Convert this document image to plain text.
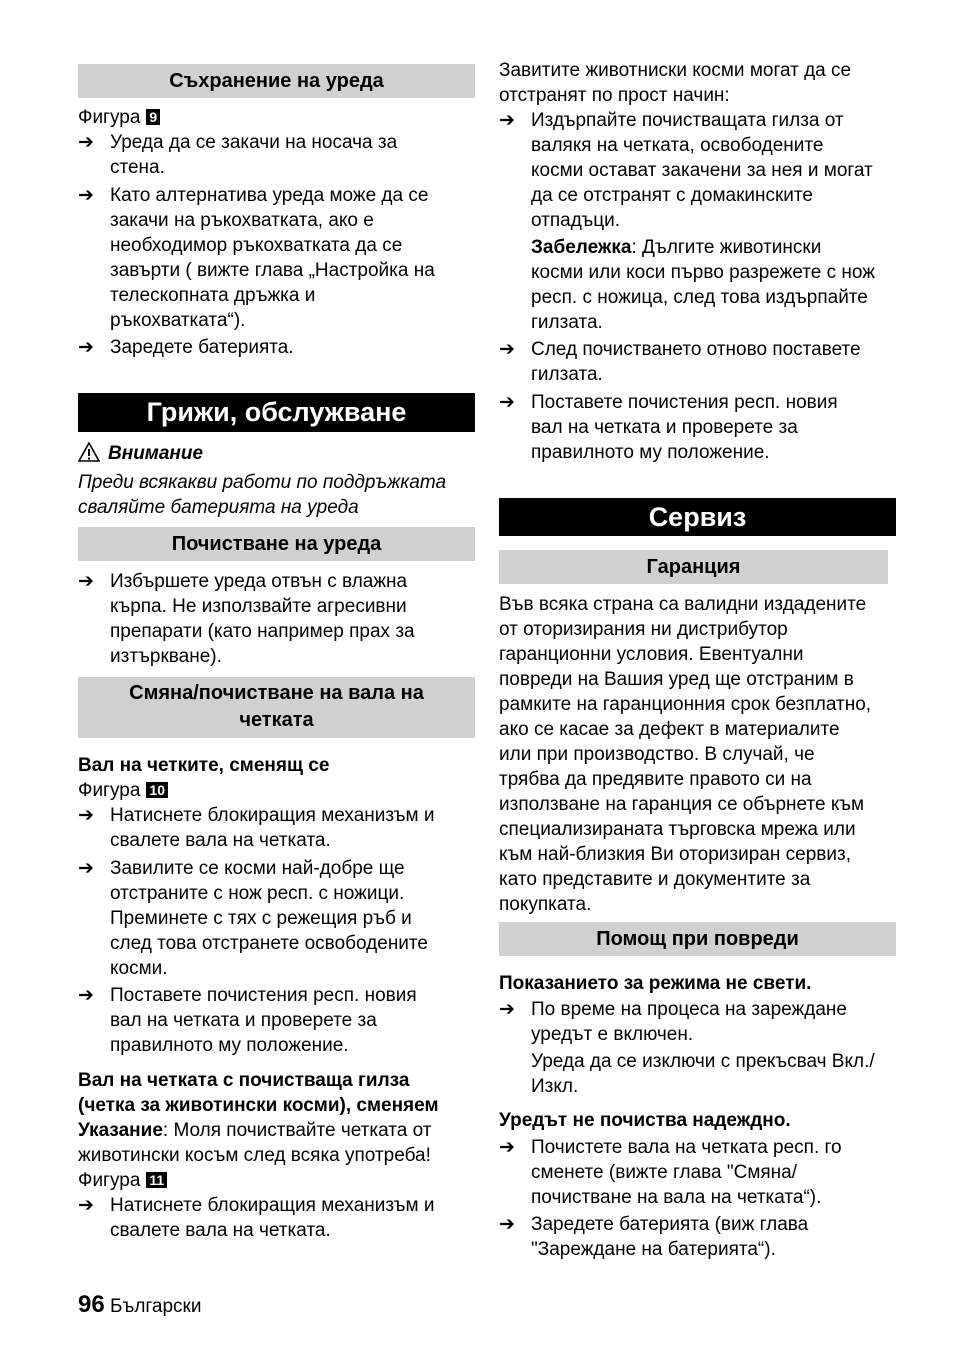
Съхранение на уреда
Фигура 9
➔ Уреда да се закачи на носача за
стена.
➔ Като алтернатива уреда може да се
закачи на ръкохватката, ако е
необходимор ръкохватката да се
завърти ( вижте глава „Настройка на
телескопната дръжка и
ръкохватката“).
➔ Заредете батерията.
Грижи, обслужване
Внимание
Преди всякакви работи по поддръжката
сваляйте батерията на уреда
Почистване на уреда
➔ Избършете уреда отвън с влажна
кърпа. Не използвайте агресивни
препарати (като например прах за
изтъркване).
Смяна/почистване на вала на
четката
Вал на четките, сменящ се
Фигура 10
➔ Натиснете блокиращия механизъм и
свалете вала на четката.
➔ Завилите се косми най-добре ще
отстраните с нож респ. с ножици.
Преминете с тях с режещия ръб и
след това отстранете освободените
косми.
➔ Поставете почистения респ. новия
вал на четката и проверете за
правилното му положение.
Вал на четката с почистваща гилза
(четка за животински косми), сменяем
Указание: Моля почиствайте четката от
животински косъм след всяка употреба!
Фигура 11
➔ Натиснете блокиращия механизъм и
свалете вала на четката.
96 Български
Завитите животниски косми могат да се
отстранят по прост начин:
➔ Издърпайте почистващата гилза от
валякя на четката, освободените
косми остават закачени за нея и могат
да се отстранят с домакинските
отпадъци.
Забележка: Дългите животински
косми или коси първо разрежете с нож
респ. с ножица, след това издърпайте
гилзата.
➔ След почистването отново поставете
гилзата.
➔ Поставете почистения респ. новия
вал на четката и проверете за
правилното му положение.
Сервиз
Гаранция
Във всяка страна са валидни издадените
от оторизирания ни дистрибутор
гаранционни условия. Евентуални
повреди на Вашия уред ще отстраним в
рамките на гаранционния срок безплатно,
ако се касае за дефект в материалите
или при производство. В случай, че
трябва да предявите правото си на
използване на гаранция се обърнете към
специализираната търговска мрежа или
към най-близкия Ви оторизиран сервиз,
като представите и документите за
покупката.
Помощ при повреди
Показанието за режима не свети.
➔ По време на процеса на зареждане
уредът е включен.
Уреда да се изключи с прекъсвач Вкл./
Изкл.
Уредът не почиства надеждно.
➔ Почистете вала на четката респ. го
сменете (вижте глава "Смяна/
почистване на вала на четката“).
➔ Заредете батерията (виж глава
"Зареждане на батерията“).
